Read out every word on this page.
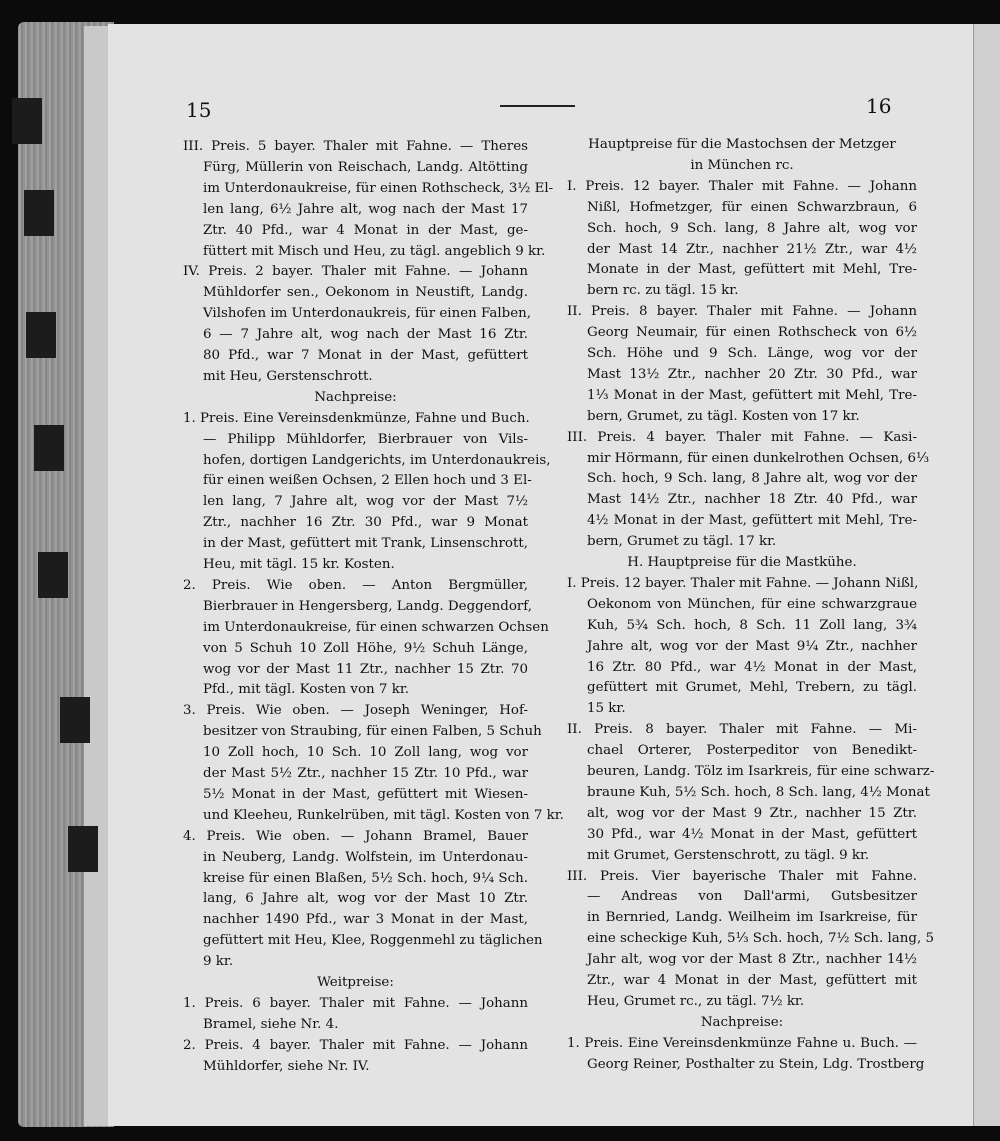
15	16
III. Preis. 5 bayer. Thaler mit Fahne. — Theres
Fürg, Müllerin von Reischach, Landg. Altötting
im Unterdonaukreise, für einen Rothscheck, 3½ El-
len lang, 6½ Jahre alt, wog nach der Mast 17
Ztr. 40 Pfd., war 4 Monat in der Mast, ge-
füttert mit Misch und Heu, zu tägl. angeblich 9 kr.
IV. Preis. 2 bayer. Thaler mit Fahne. — Johann
Mühldorfer sen., Oekonom in Neustift, Landg.
Vilshofen im Unterdonaukreis, für einen Falben,
6 — 7 Jahre alt, wog nach der Mast 16 Ztr.
80 Pfd., war 7 Monat in der Mast, gefüttert
mit Heu, Gerstenschrott.
Nachpreise:
1. Preis. Eine Vereinsdenkmünze, Fahne und Buch.
— Philipp Mühldorfer, Bierbrauer von Vils-
hofen, dortigen Landgerichts, im Unterdonaukreis,
für einen weißen Ochsen, 2 Ellen hoch und 3 El-
len lang, 7 Jahre alt, wog vor der Mast 7½
Ztr., nachher 16 Ztr. 30 Pfd., war 9 Monat
in der Mast, gefüttert mit Trank, Linsenschrott,
Heu, mit tägl. 15 kr. Kosten.
2. Preis. Wie oben. — Anton Bergmüller,
Bierbrauer in Hengersberg, Landg. Deggendorf,
im Unterdonaukreise, für einen schwarzen Ochsen
von 5 Schuh 10 Zoll Höhe, 9½ Schuh Länge,
wog vor der Mast 11 Ztr., nachher 15 Ztr. 70
Pfd., mit tägl. Kosten von 7 kr.
3. Preis. Wie oben. — Joseph Weninger, Hof-
besitzer von Straubing, für einen Falben, 5 Schuh
10 Zoll hoch, 10 Sch. 10 Zoll lang, wog vor
der Mast 5½ Ztr., nachher 15 Ztr. 10 Pfd., war
5½ Monat in der Mast, gefüttert mit Wiesen-
und Kleeheu, Runkelrüben, mit tägl. Kosten von 7 kr.
4. Preis. Wie oben. — Johann Bramel, Bauer
in Neuberg, Landg. Wolfstein, im Unterdonau-
kreise für einen Blaßen, 5½ Sch. hoch, 9¼ Sch.
lang, 6 Jahre alt, wog vor der Mast 10 Ztr.
nachher 1490 Pfd., war 3 Monat in der Mast,
gefüttert mit Heu, Klee, Roggenmehl zu täglichen
9 kr.
Weitpreise:
1. Preis. 6 bayer. Thaler mit Fahne. — Johann
Bramel, siehe Nr. 4.
2. Preis. 4 bayer. Thaler mit Fahne. — Johann
Mühldorfer, siehe Nr. IV.
Hauptpreise für die Mastochsen der Metzger
in München rc.
I. Preis. 12 bayer. Thaler mit Fahne. — Johann
Nißl, Hofmetzger, für einen Schwarzbraun, 6
Sch. hoch, 9 Sch. lang, 8 Jahre alt, wog vor
der Mast 14 Ztr., nachher 21½ Ztr., war 4½
Monate in der Mast, gefüttert mit Mehl, Tre-
bern rc. zu tägl. 15 kr.
II. Preis. 8 bayer. Thaler mit Fahne. — Johann
Georg Neumair, für einen Rothscheck von 6½
Sch. Höhe und 9 Sch. Länge, wog vor der
Mast 13½ Ztr., nachher 20 Ztr. 30 Pfd., war
1⅓ Monat in der Mast, gefüttert mit Mehl, Tre-
bern, Grumet, zu tägl. Kosten von 17 kr.
III. Preis. 4 bayer. Thaler mit Fahne. — Kasi-
mir Hörmann, für einen dunkelrothen Ochsen, 6⅓
Sch. hoch, 9 Sch. lang, 8 Jahre alt, wog vor der
Mast 14½ Ztr., nachher 18 Ztr. 40 Pfd., war
4½ Monat in der Mast, gefüttert mit Mehl, Tre-
bern, Grumet zu tägl. 17 kr.
H. Hauptpreise für die Mastkühe.
I. Preis. 12 bayer. Thaler mit Fahne. — Johann Nißl,
Oekonom von München, für eine schwarzgraue
Kuh, 5¾ Sch. hoch, 8 Sch. 11 Zoll lang, 3¾
Jahre alt, wog vor der Mast 9¼ Ztr., nachher
16 Ztr. 80 Pfd., war 4½ Monat in der Mast,
gefüttert mit Grumet, Mehl, Trebern, zu tägl.
15 kr.
II. Preis. 8 bayer. Thaler mit Fahne. — Mi-
chael Orterer, Posterpeditor von Benedikt-
beuren, Landg. Tölz im Isarkreis, für eine schwarz-
braune Kuh, 5½ Sch. hoch, 8 Sch. lang, 4½ Monat
alt, wog vor der Mast 9 Ztr., nachher 15 Ztr.
30 Pfd., war 4½ Monat in der Mast, gefüttert
mit Grumet, Gerstenschrott, zu tägl. 9 kr.
III. Preis. Vier bayerische Thaler mit Fahne.
— Andreas von Dall'armi, Gutsbesitzer
in Bernried, Landg. Weilheim im Isarkreise, für
eine scheckige Kuh, 5⅓ Sch. hoch, 7½ Sch. lang, 5
Jahr alt, wog vor der Mast 8 Ztr., nachher 14½
Ztr., war 4 Monat in der Mast, gefüttert mit
Heu, Grumet rc., zu tägl. 7½ kr.
Nachpreise:
1. Preis. Eine Vereinsdenkmünze Fahne u. Buch. —
Georg Reiner, Posthalter zu Stein, Ldg. Trostberg
